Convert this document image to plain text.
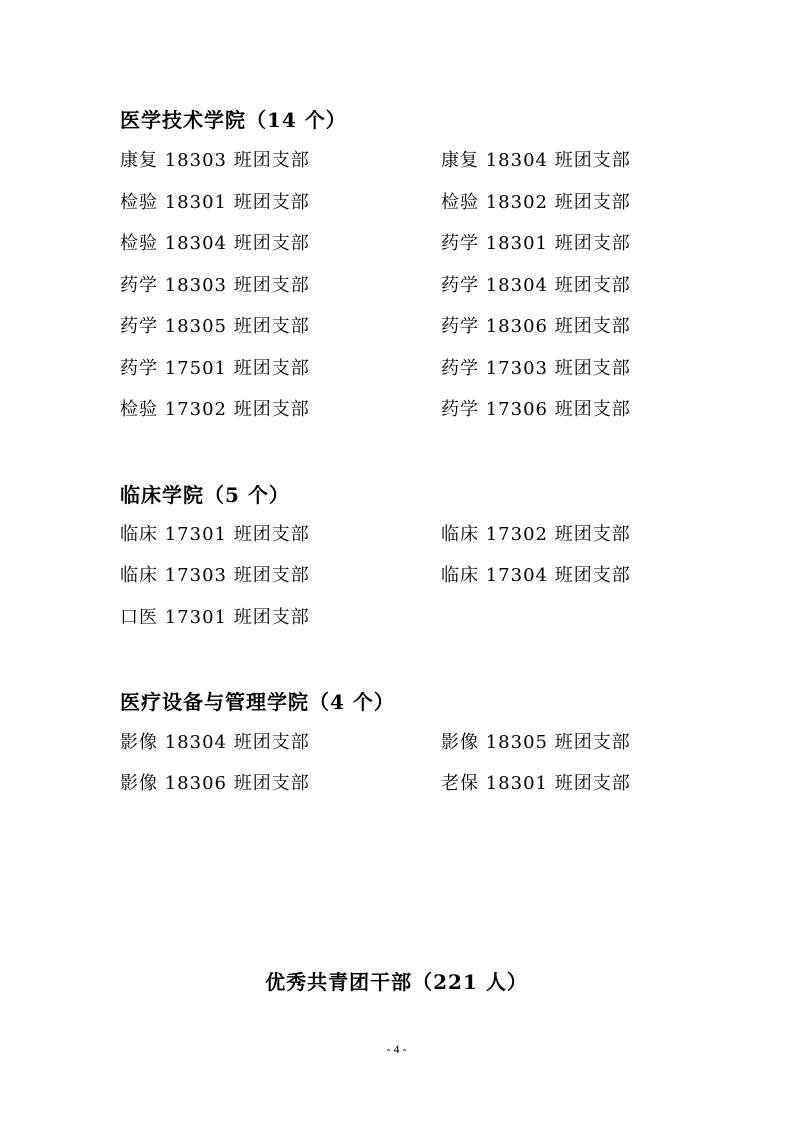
医学技术学院（14 个）
康复 18303 班团支部	康复 18304 班团支部
检验 18301 班团支部	检验 18302 班团支部
检验 18304 班团支部	药学 18301 班团支部
药学 18303 班团支部	药学 18304 班团支部
药学 18305 班团支部	药学 18306 班团支部
药学 17501 班团支部	药学 17303 班团支部
检验 17302 班团支部	药学 17306 班团支部
临床学院（5 个）
临床 17301 班团支部	临床 17302 班团支部
临床 17303 班团支部	临床 17304 班团支部
口医 17301 班团支部
医疗设备与管理学院（4 个）
影像 18304 班团支部	影像 18305 班团支部
影像 18306 班团支部	老保 18301 班团支部
优秀共青团干部（221 人）
- 4 -
